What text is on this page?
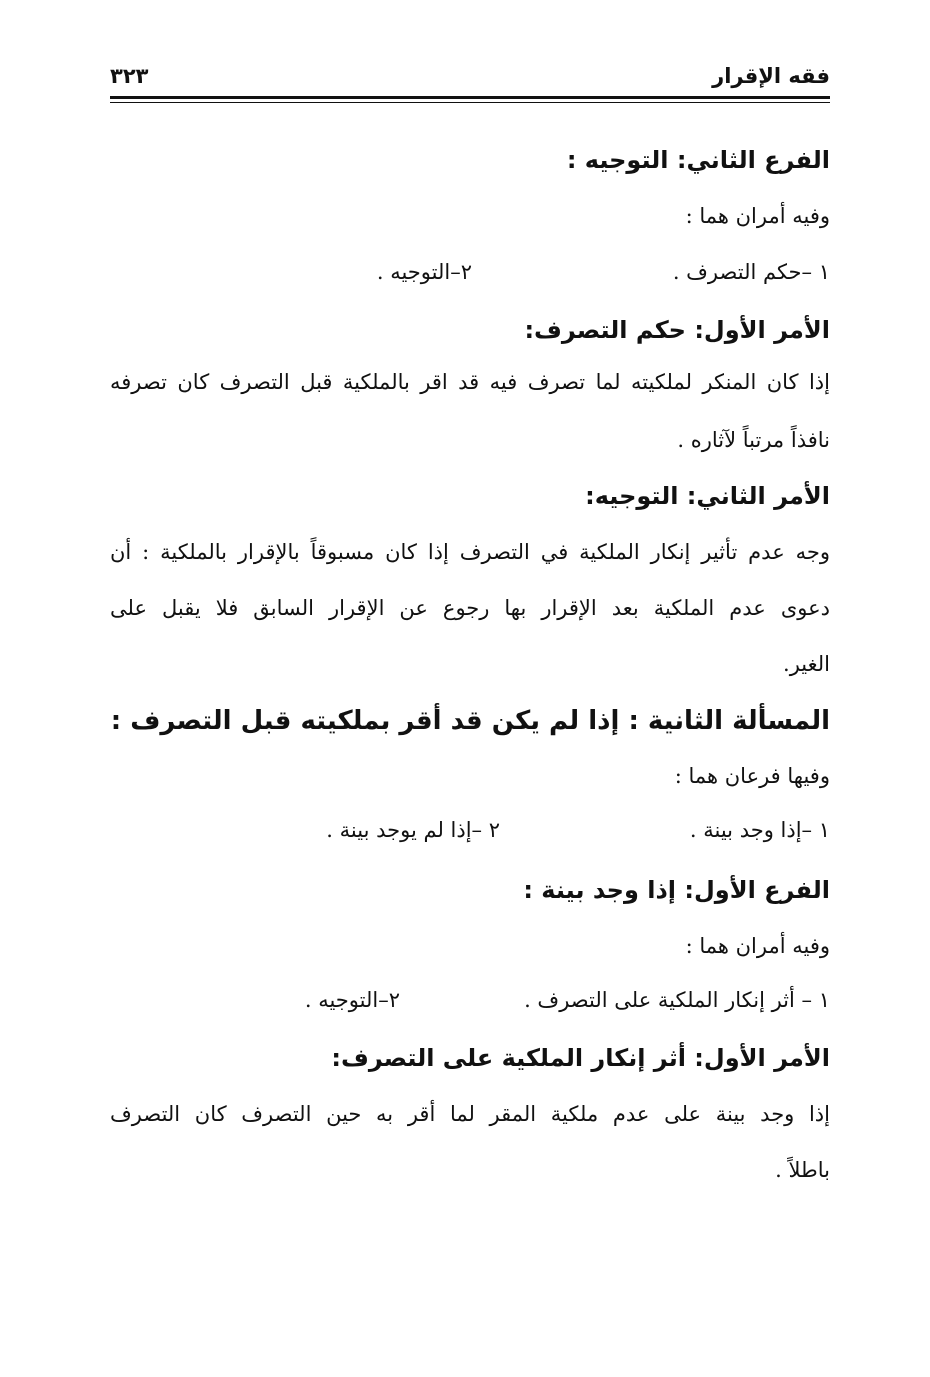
فقه الإقرار
٣٢٣
الفرع الثاني: التوجيه :
وفيه أمران هما :
١ –حكم التصرف .
٢–التوجيه .
الأمر الأول: حكم التصرف:
إذا كان المنكر لملكيته لما تصرف فيه قد اقر بالملكية قبل التصرف كان تصرفه
نافذاً مرتباً لآثاره .
الأمر الثاني: التوجيه:
وجه عدم تأثير إنكار الملكية في التصرف إذا كان مسبوقاً بالإقرار بالملكية : أن
دعوى عدم الملكية بعد الإقرار بها رجوع عن الإقرار السابق فلا يقبل على
الغير.
المسألة الثانية : إذا لم يكن قد أقر بملكيته قبل التصرف :
وفيها فرعان هما :
١ –إذا وجد بينة .
٢ –إذا لم يوجد بينة .
الفرع الأول: إذا وجد بينة :
وفيه أمران هما :
١ – أثر إنكار الملكية على التصرف .
٢–التوجيه .
الأمر الأول: أثر إنكار الملكية على التصرف:
إذا وجد بينة على عدم ملكية المقر لما أقر به حين التصرف كان التصرف
باطلاً .
